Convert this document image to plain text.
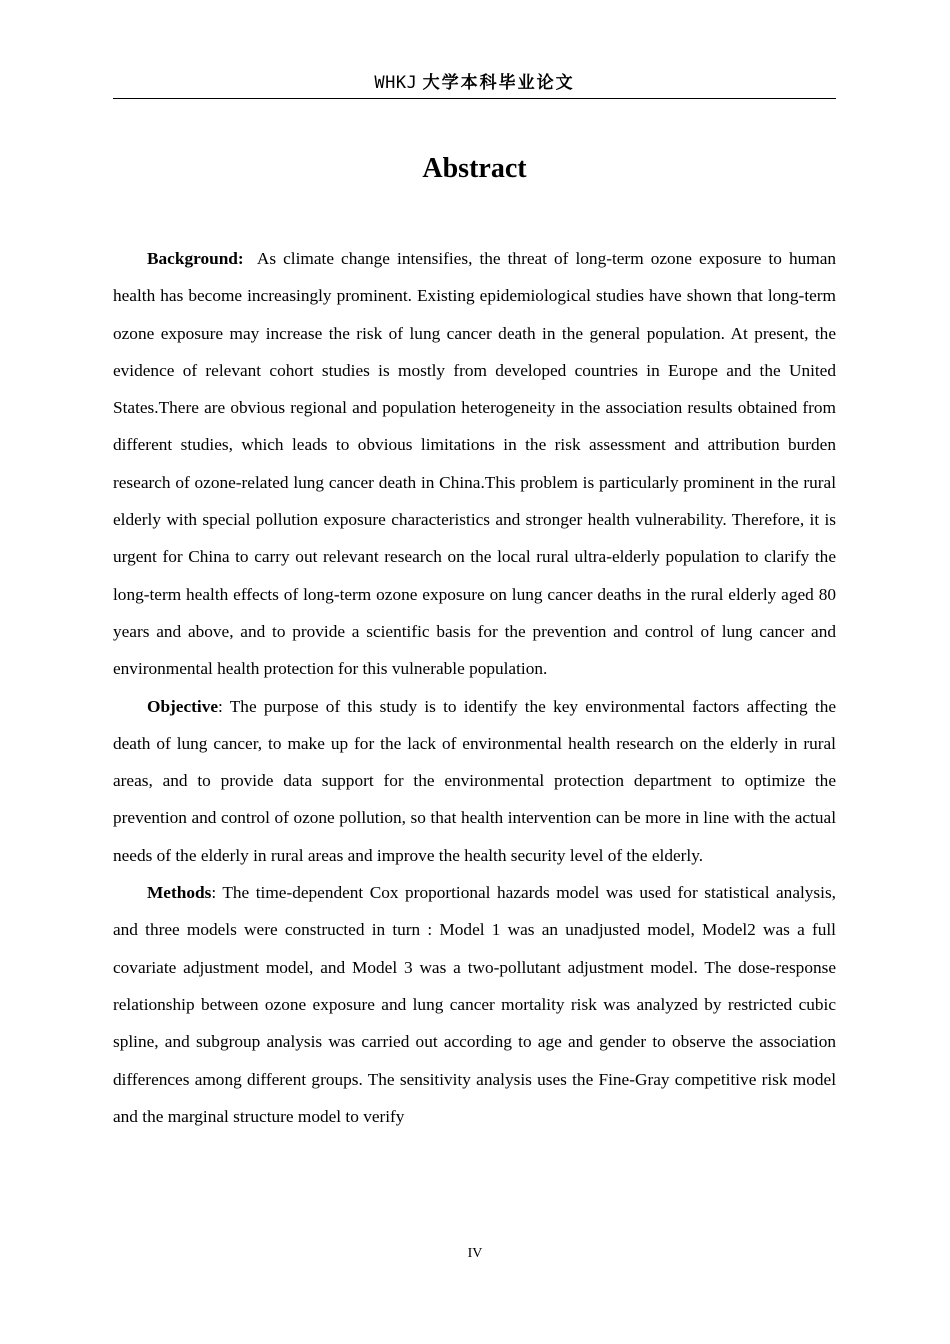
WHKJ 大学本科毕业论文
Abstract

Background: As climate change intensifies, the threat of long-term ozone exposure to human health has become increasingly prominent. Existing epidemiological studies have shown that long-term ozone exposure may increase the risk of lung cancer death in the general population. At present, the evidence of relevant cohort studies is mostly from developed countries in Europe and the United States.There are obvious regional and population heterogeneity in the association results obtained from different studies, which leads to obvious limitations in the risk assessment and attribution burden research of ozone-related lung cancer death in China.This problem is particularly prominent in the rural elderly with special pollution exposure characteristics and stronger health vulnerability. Therefore, it is urgent for China to carry out relevant research on the local rural ultra-elderly population to clarify the long-term health effects of long-term ozone exposure on lung cancer deaths in the rural elderly aged 80 years and above, and to provide a scientific basis for the prevention and control of lung cancer and environmental health protection for this vulnerable population.

Objective: The purpose of this study is to identify the key environmental factors affecting the death of lung cancer, to make up for the lack of environmental health research on the elderly in rural areas, and to provide data support for the environmental protection department to optimize the prevention and control of ozone pollution, so that health intervention can be more in line with the actual needs of the elderly in rural areas and improve the health security level of the elderly.

Methods: The time-dependent Cox proportional hazards model was used for statistical analysis, and three models were constructed in turn : Model 1 was an unadjusted model, Model2 was a full covariate adjustment model, and Model 3 was a two-pollutant adjustment model. The dose-response relationship between ozone exposure and lung cancer mortality risk was analyzed by restricted cubic spline, and subgroup analysis was carried out according to age and gender to observe the association differences among different groups. The sensitivity analysis uses the Fine-Gray competitive risk model and the marginal structure model to verify

IV
